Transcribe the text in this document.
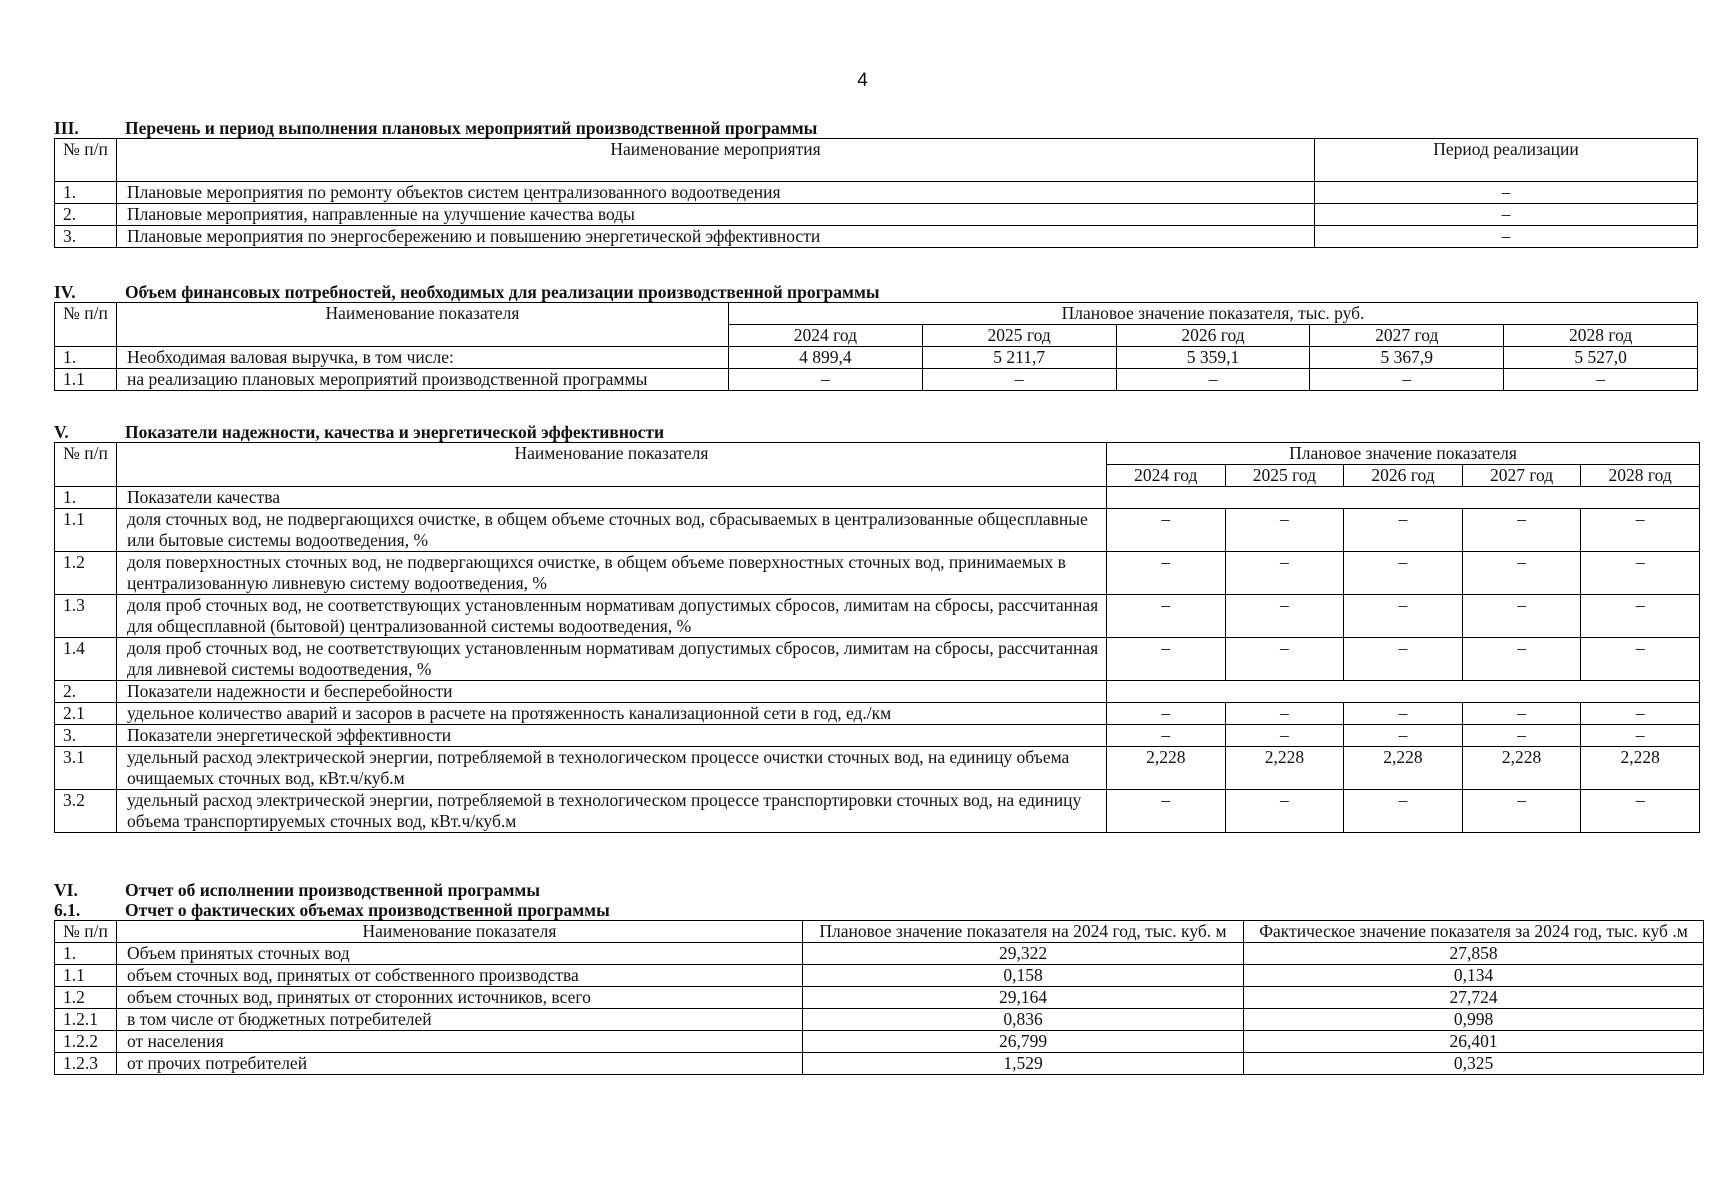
4
III.	Перечень и период выполнения плановых мероприятий производственной программы
№ п/п	Наименование мероприятия	Период реализации
1.	Плановые мероприятия по ремонту объектов систем централизованного водоотведения	–
2.	Плановые мероприятия, направленные на улучшение качества воды	–
3.	Плановые мероприятия по энергосбережению и повышению энергетической эффективности	–
IV.	Объем финансовых потребностей, необходимых для реализации производственной программы
№ п/п	Наименование показателя	Плановое значение показателя, тыс. руб.				
		2024 год	2025 год	2026 год	2027 год	2028 год
1.	Необходимая валовая выручка, в том числе:	4 899,4	5 211,7	5 359,1	5 367,9	5 527,0
1.1	на реализацию плановых мероприятий производственной программы	–	–	–	–	–
V.	Показатели надежности, качества и энергетической эффективности
№ п/п	Наименование показателя	Плановое значение показателя				
		2024 год	2025 год	2026 год	2027 год	2028 год
1.	Показатели качества					
1.1	доля сточных вод, не подвергающихся очистке, в общем объеме сточных вод, сбрасываемых в централизованные общесплавные или бытовые системы водоотведения, %	–	–	–	–	–
1.2	доля поверхностных сточных вод, не подвергающихся очистке, в общем объеме поверхностных сточных вод, принимаемых в централизованную ливневую систему водоотведения, %	–	–	–	–	–
1.3	доля проб сточных вод, не соответствующих установленным нормативам допустимых сбросов, лимитам на сбросы, рассчитанная для общесплавной (бытовой) централизованной системы водоотведения, %	–	–	–	–	–
1.4	доля проб сточных вод, не соответствующих установленным нормативам допустимых сбросов, лимитам на сбросы, рассчитанная для ливневой системы водоотведения, %	–	–	–	–	–
2.	Показатели надежности и бесперебойности					
2.1	удельное количество аварий и засоров в расчете на протяженность канализационной сети в год, ед./км	–	–	–	–	–
3.	Показатели энергетической эффективности	–	–	–	–	–
3.1	удельный расход электрической энергии, потребляемой в технологическом процессе очистки сточных вод, на единицу объема очищаемых сточных вод, кВт.ч/куб.м	2,228	2,228	2,228	2,228	2,228
3.2	удельный расход электрической энергии, потребляемой в технологическом процессе транспортировки сточных вод, на единицу объема транспортируемых сточных вод, кВт.ч/куб.м	–	–	–	–	–
VI.	Отчет об исполнении производственной программы
6.1.	Отчет о фактических объемах производственной программы
№ п/п	Наименование показателя	Плановое значение показателя на 2024 год, тыс. куб. м	Фактическое значение показателя за 2024 год, тыс. куб .м
1.	Объем принятых сточных вод	29,322	27,858
1.1	объем сточных вод, принятых от собственного производства	0,158	0,134
1.2	объем сточных вод, принятых от сторонних источников, всего	29,164	27,724
1.2.1	в том числе от бюджетных потребителей	0,836	0,998
1.2.2	от населения	26,799	26,401
1.2.3	от прочих потребителей	1,529	0,325
